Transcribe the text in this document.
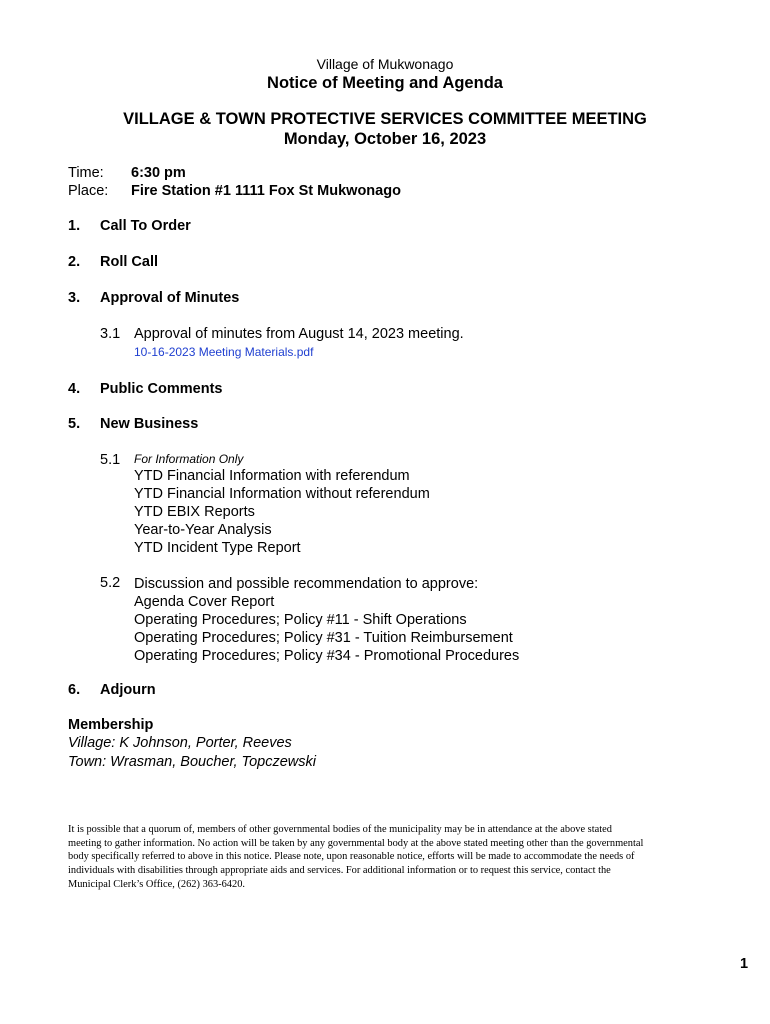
Village of Mukwonago
Notice of Meeting and Agenda
VILLAGE & TOWN PROTECTIVE SERVICES COMMITTEE MEETING
Monday, October 16, 2023
Time: 6:30 pm
Place: Fire Station #1 1111 Fox St Mukwonago
1. Call To Order
2. Roll Call
3. Approval of Minutes
3.1 Approval of minutes from August 14, 2023 meeting.
10-16-2023 Meeting Materials.pdf
4. Public Comments
5. New Business
5.1 For Information Only
YTD Financial Information with referendum
YTD Financial Information without referendum
YTD EBIX Reports
Year-to-Year Analysis
YTD Incident Type Report
5.2 Discussion and possible recommendation to approve:
Agenda Cover Report
Operating Procedures; Policy #11 - Shift Operations
Operating Procedures; Policy #31 - Tuition Reimbursement
Operating Procedures; Policy #34 - Promotional Procedures
6. Adjourn
Membership
Village: K Johnson, Porter, Reeves
Town: Wrasman, Boucher, Topczewski
It is possible that a quorum of, members of other governmental bodies of the municipality may be in attendance at the above stated
meeting to gather information. No action will be taken by any governmental body at the above stated meeting other than the governmental
body specifically referred to above in this notice. Please note, upon reasonable notice, efforts will be made to accommodate the needs of
individuals with disabilities through appropriate aids and services. For additional information or to request this service, contact the
Municipal Clerk’s Office, (262) 363-6420.
1
